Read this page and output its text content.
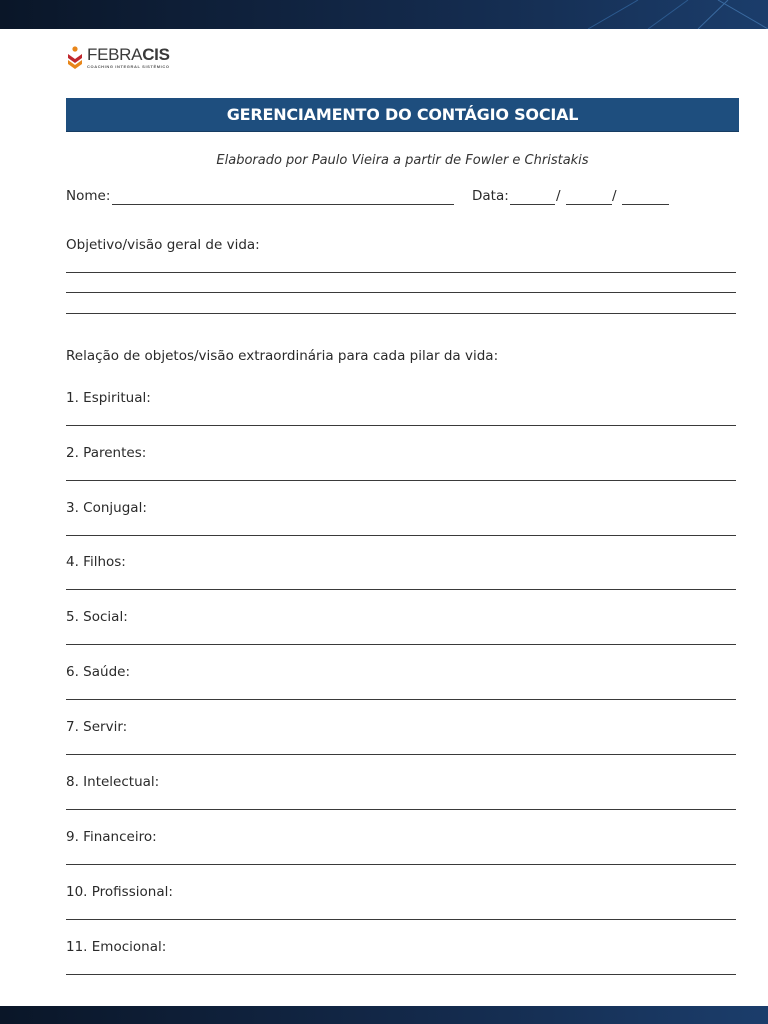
FEBRACIS
COACHING INTEGRAL SISTÊMICO
GERENCIAMENTO DO CONTÁGIO SOCIAL
Elaborado por Paulo Vieira a partir de Fowler e Christakis
Nome:	Data:	/	/
Objetivo/visão geral de vida:
Relação de objetos/visão extraordinária para cada pilar da vida:
1. Espiritual:
2. Parentes:
3. Conjugal:
4. Filhos:
5. Social:
6. Saúde:
7. Servir:
8. Intelectual:
9. Financeiro:
10. Profissional:
11. Emocional:
